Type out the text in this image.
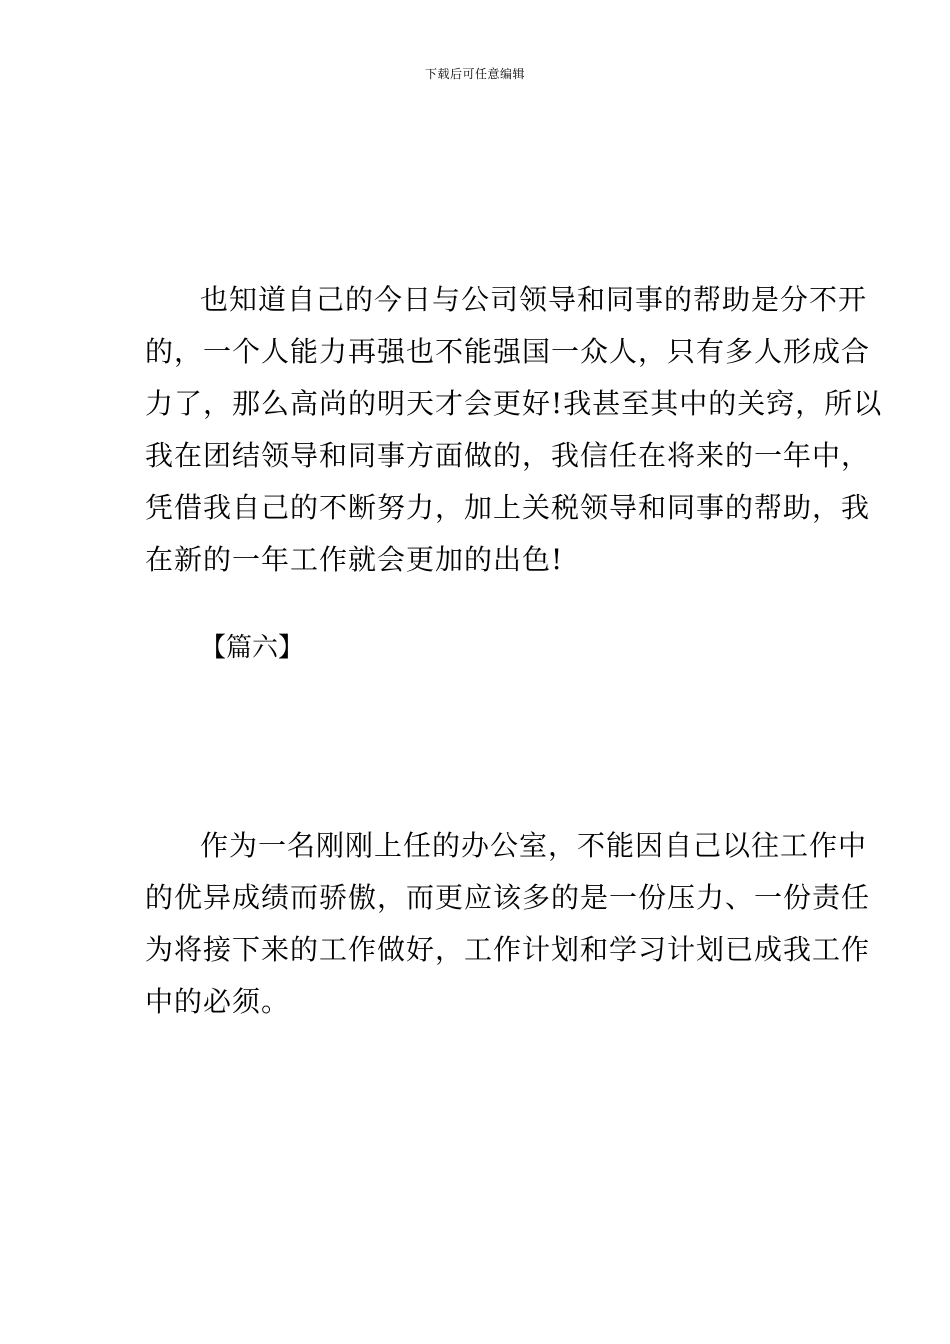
下载后可任意编辑
也知道自己的今日与公司领导和同事的帮助是分不开
的，一个人能力再强也不能强国一众人，只有多人形成合
力了，那么高尚的明天才会更好!我甚至其中的关窍，所以
我在团结领导和同事方面做的，我信任在将来的一年中，
凭借我自己的不断努力，加上关税领导和同事的帮助，我
在新的一年工作就会更加的出色!
【篇六】
作为一名刚刚上任的办公室，不能因自己以往工作中
的优异成绩而骄傲，而更应该多的是一份压力、一份责任
为将接下来的工作做好，工作计划和学习计划已成我工作
中的必须。
